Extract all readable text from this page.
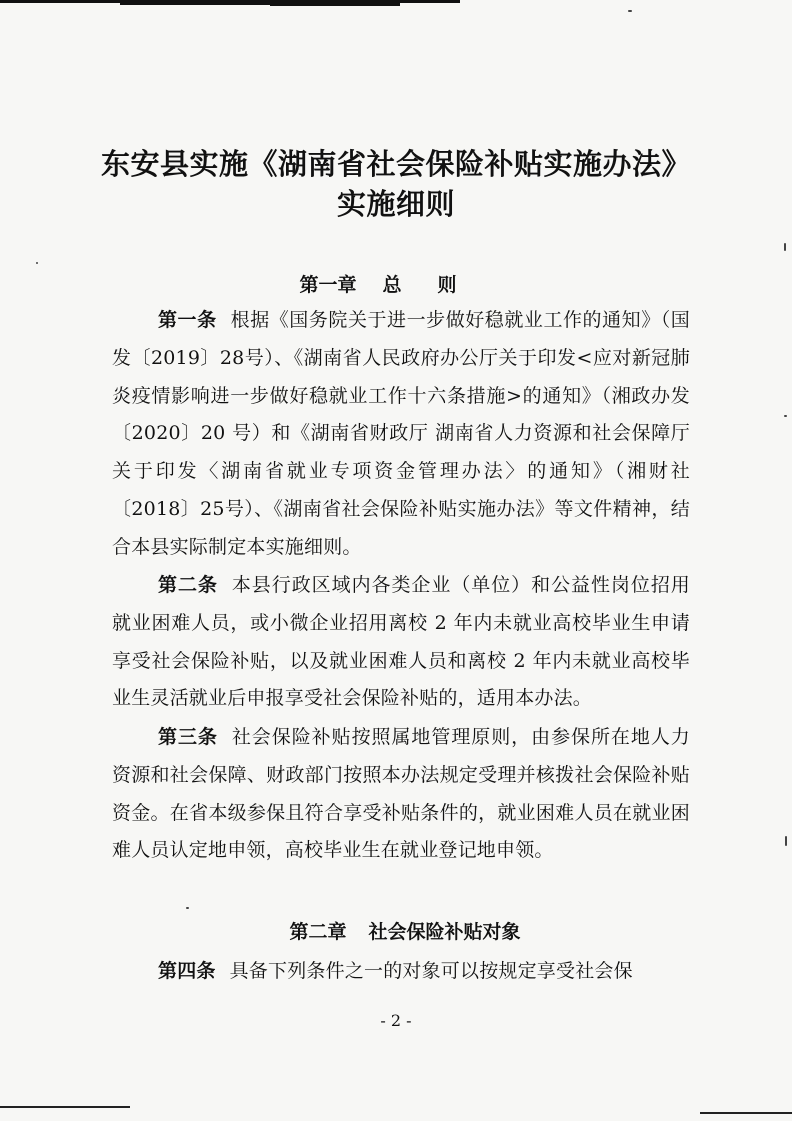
东安县实施《湖南省社会保险补贴实施办法》
实施细则
第一章 总则

第一条 根据《国务院关于进一步做好稳就业工作的通知》（国发〔2019〕28号）、《湖南省人民政府办公厅关于印发<应对新冠肺炎疫情影响进一步做好稳就业工作十六条措施>的通知》（湘政办发〔2020〕20 号）和《湖南省财政厅 湖南省人力资源和社会保障厅关于印发〈湖南省就业专项资金管理办法〉的通知》（湘财社〔2018〕25号）、《湖南省社会保险补贴实施办法》等文件精神，结合本县实际制定本实施细则。

第二条 本县行政区域内各类企业（单位）和公益性岗位招用就业困难人员，或小微企业招用离校 2 年内未就业高校毕业生申请享受社会保险补贴，以及就业困难人员和离校 2 年内未就业高校毕业生灵活就业后申报享受社会保险补贴的，适用本办法。

第三条 社会保险补贴按照属地管理原则，由参保所在地人力资源和社会保障、财政部门按照本办法规定受理并核拨社会保险补贴资金。在省本级参保且符合享受补贴条件的，就业困难人员在就业困难人员认定地申领，高校毕业生在就业登记地申领。

第二章 社会保险补贴对象

第四条 具备下列条件之一的对象可以按规定享受社会保

- 2 -
